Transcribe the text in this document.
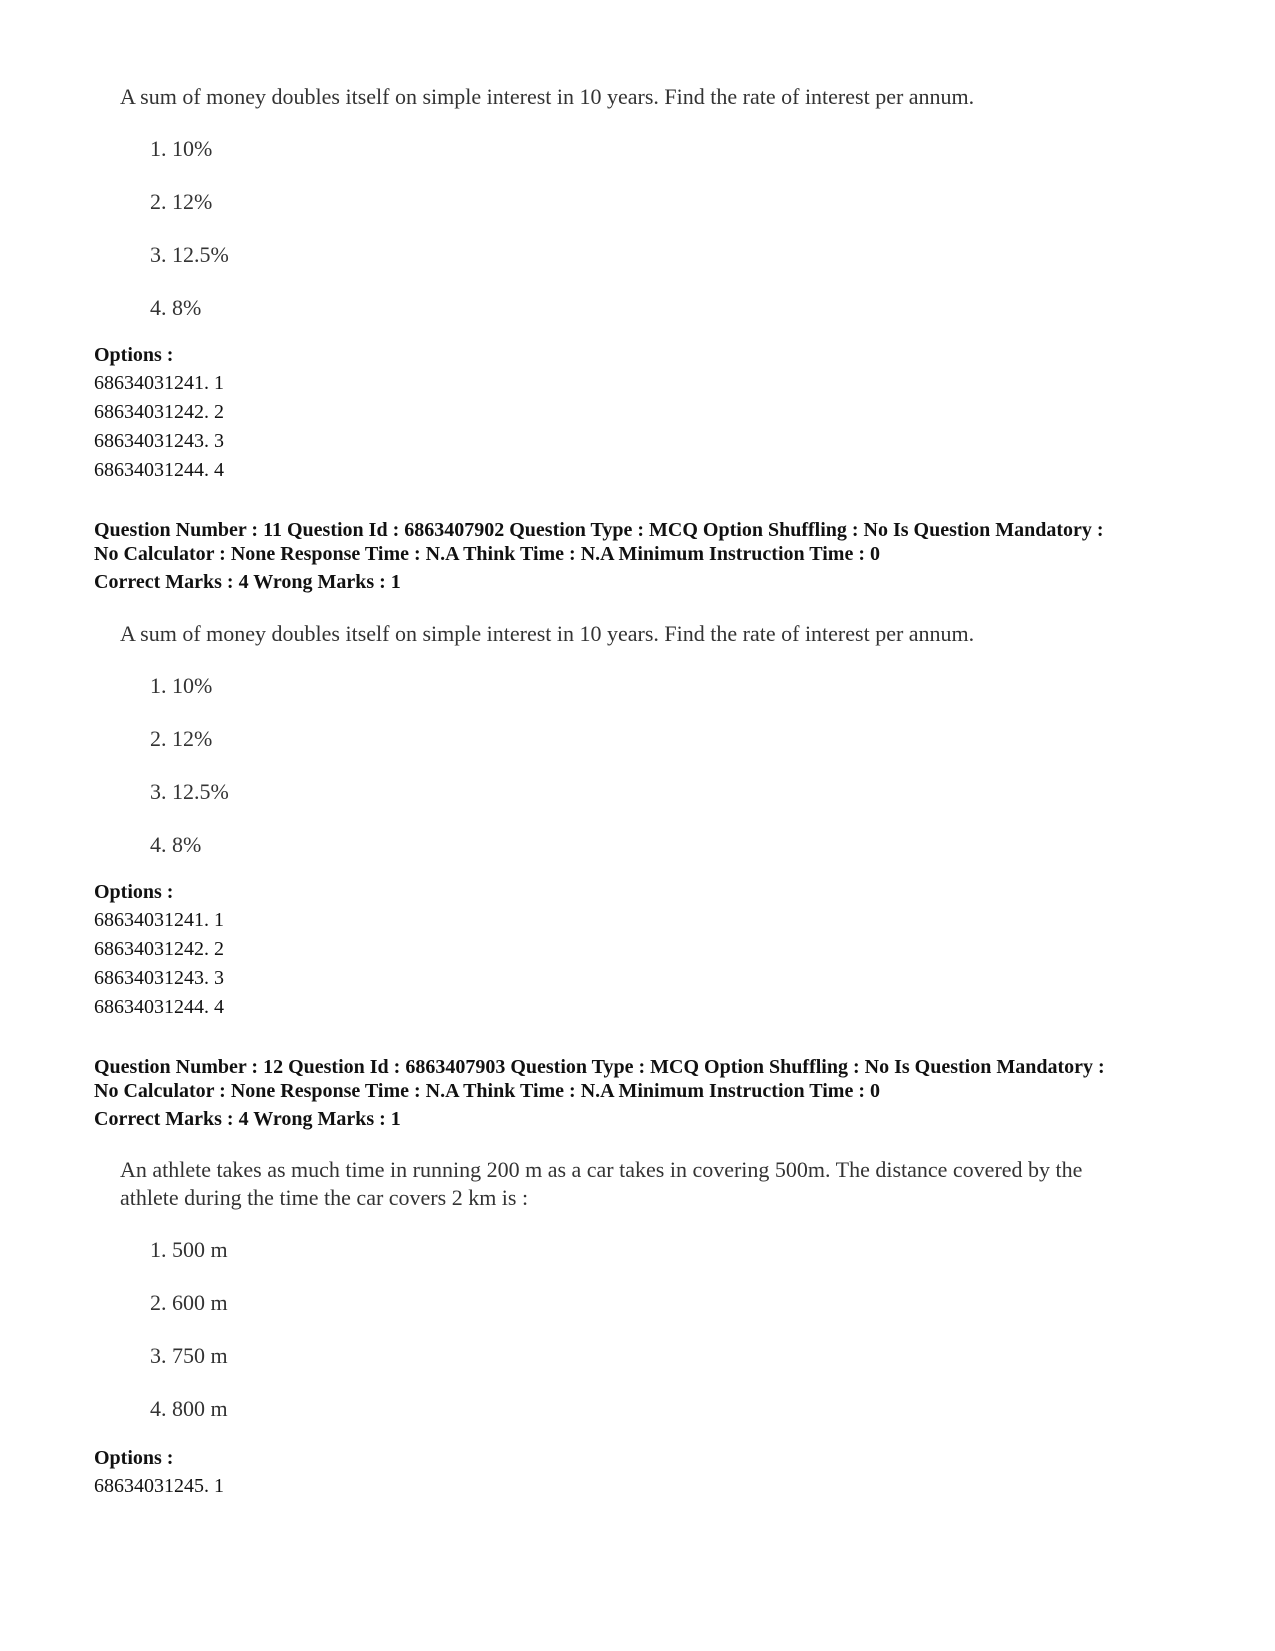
A sum of money doubles itself on simple interest in 10 years. Find the rate of interest per annum.
1. 10%
2. 12%
3. 12.5%
4. 8%
Options :
68634031241. 1
68634031242. 2
68634031243. 3
68634031244. 4
Question Number : 11 Question Id : 6863407902 Question Type : MCQ Option Shuffling : No Is Question Mandatory :
No Calculator : None Response Time : N.A Think Time : N.A Minimum Instruction Time : 0
Correct Marks : 4 Wrong Marks : 1
A sum of money doubles itself on simple interest in 10 years. Find the rate of interest per annum.
1. 10%
2. 12%
3. 12.5%
4. 8%
Options :
68634031241. 1
68634031242. 2
68634031243. 3
68634031244. 4
Question Number : 12 Question Id : 6863407903 Question Type : MCQ Option Shuffling : No Is Question Mandatory :
No Calculator : None Response Time : N.A Think Time : N.A Minimum Instruction Time : 0
Correct Marks : 4 Wrong Marks : 1
An athlete takes as much time in running 200 m as a car takes in covering 500m. The distance covered by the
athlete during the time the car covers 2 km is :
1. 500 m
2. 600 m
3. 750 m
4. 800 m
Options :
68634031245. 1
